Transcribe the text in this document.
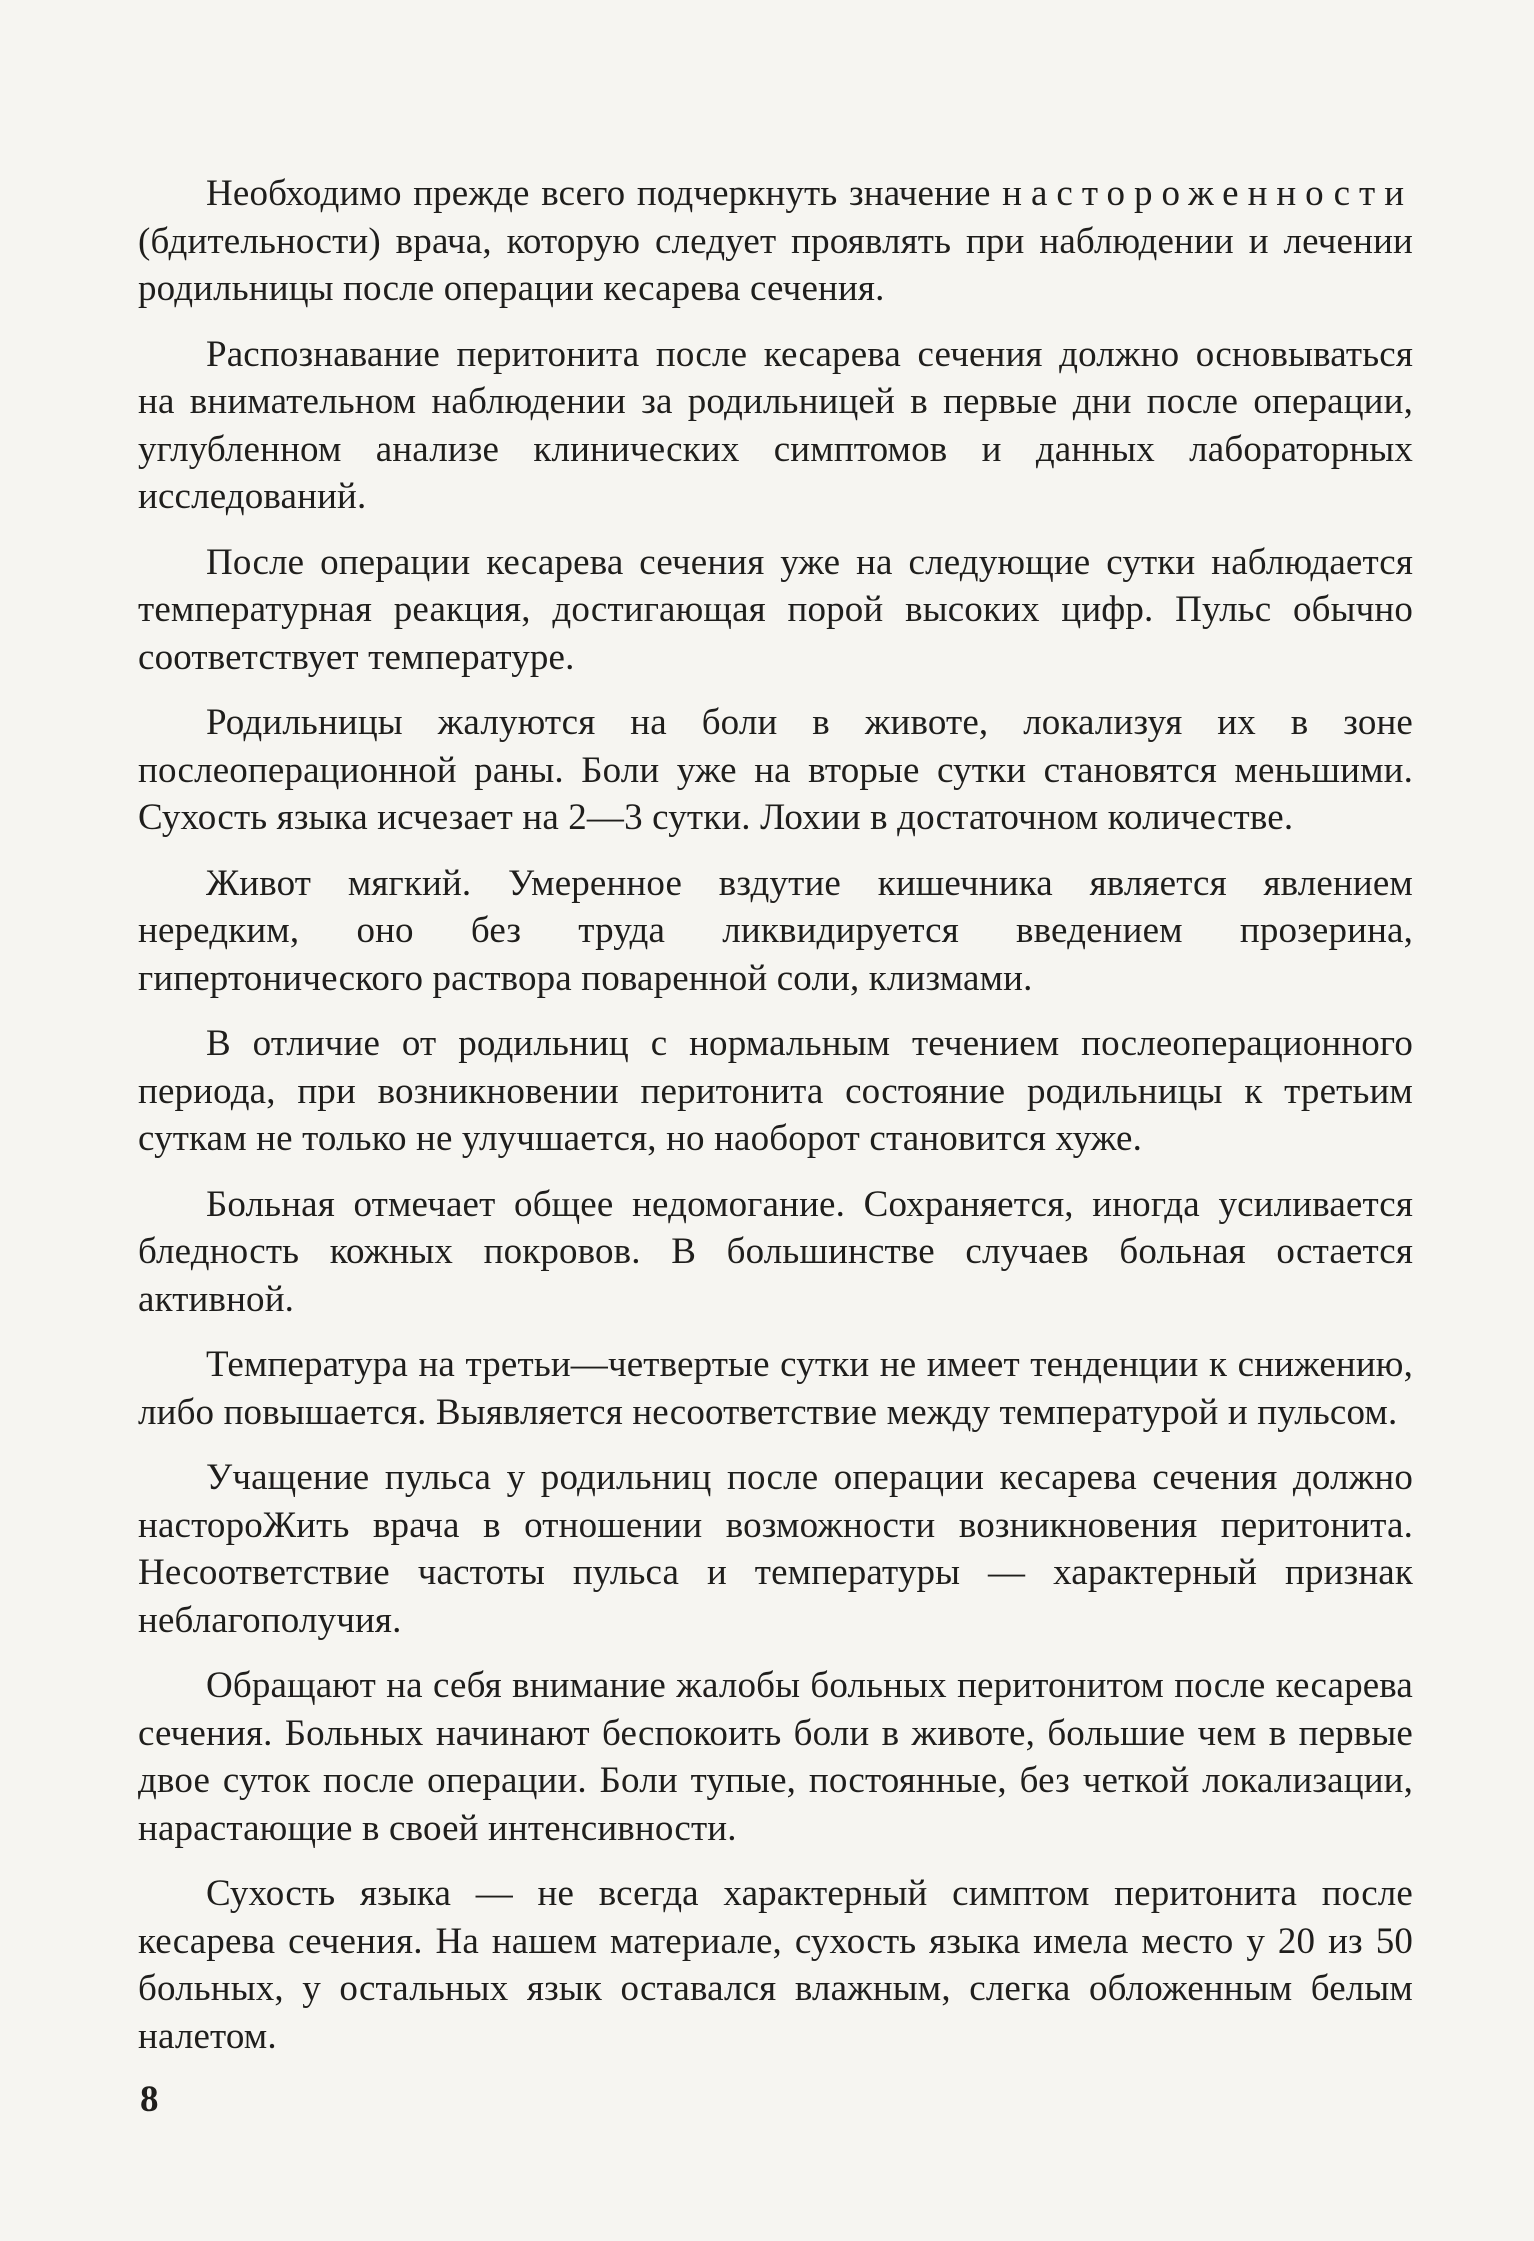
Необходимо прежде всего подчеркнуть значение настороженности (бдительности) врача, которую следует проявлять при наблюдении и лечении родильницы после операции кесарева сечения.

Распознавание перитонита после кесарева сечения должно основываться на внимательном наблюдении за родильницей в первые дни после операции, углубленном анализе клинических симптомов и данных лабораторных исследований.

После операции кесарева сечения уже на следующие сутки наблюдается температурная реакция, достигающая порой высоких цифр. Пульс обычно соответствует температуре.

Родильницы жалуются на боли в животе, локализуя их в зоне послеоперационной раны. Боли уже на вторые сутки становятся меньшими. Сухость языка исчезает на 2—3 сутки. Лохии в достаточном количестве.

Живот мягкий. Умеренное вздутие кишечника является явлением нередким, оно без труда ликвидируется введением прозерина, гипертонического раствора поваренной соли, клизмами.

В отличие от родильниц с нормальным течением послеоперационного периода, при возникновении перитонита состояние родильницы к третьим суткам не только не улучшается, но наоборот становится хуже.

Больная отмечает общее недомогание. Сохраняется, иногда усиливается бледность кожных покровов. В большинстве случаев больная остается активной.

Температура на третьи—четвертые сутки не имеет тенденции к снижению, либо повышается. Выявляется несоответствие между температурой и пульсом.

Учащение пульса у родильниц после операции кесарева сечения должно настороЖить врача в отношении возможности возникновения перитонита. Несоответствие частоты пульса и температуры — характерный признак неблагополучия.

Обращают на себя внимание жалобы больных перитонитом после кесарева сечения. Больных начинают беспокоить боли в животе, большие чем в первые двое суток после операции. Боли тупые, постоянные, без четкой локализации, нарастающие в своей интенсивности.

Сухость языка — не всегда характерный симптом перитонита после кесарева сечения. На нашем материале, сухость языка имела место у 20 из 50 больных, у остальных язык оставался влажным, слегка обложенным белым налетом.

8
